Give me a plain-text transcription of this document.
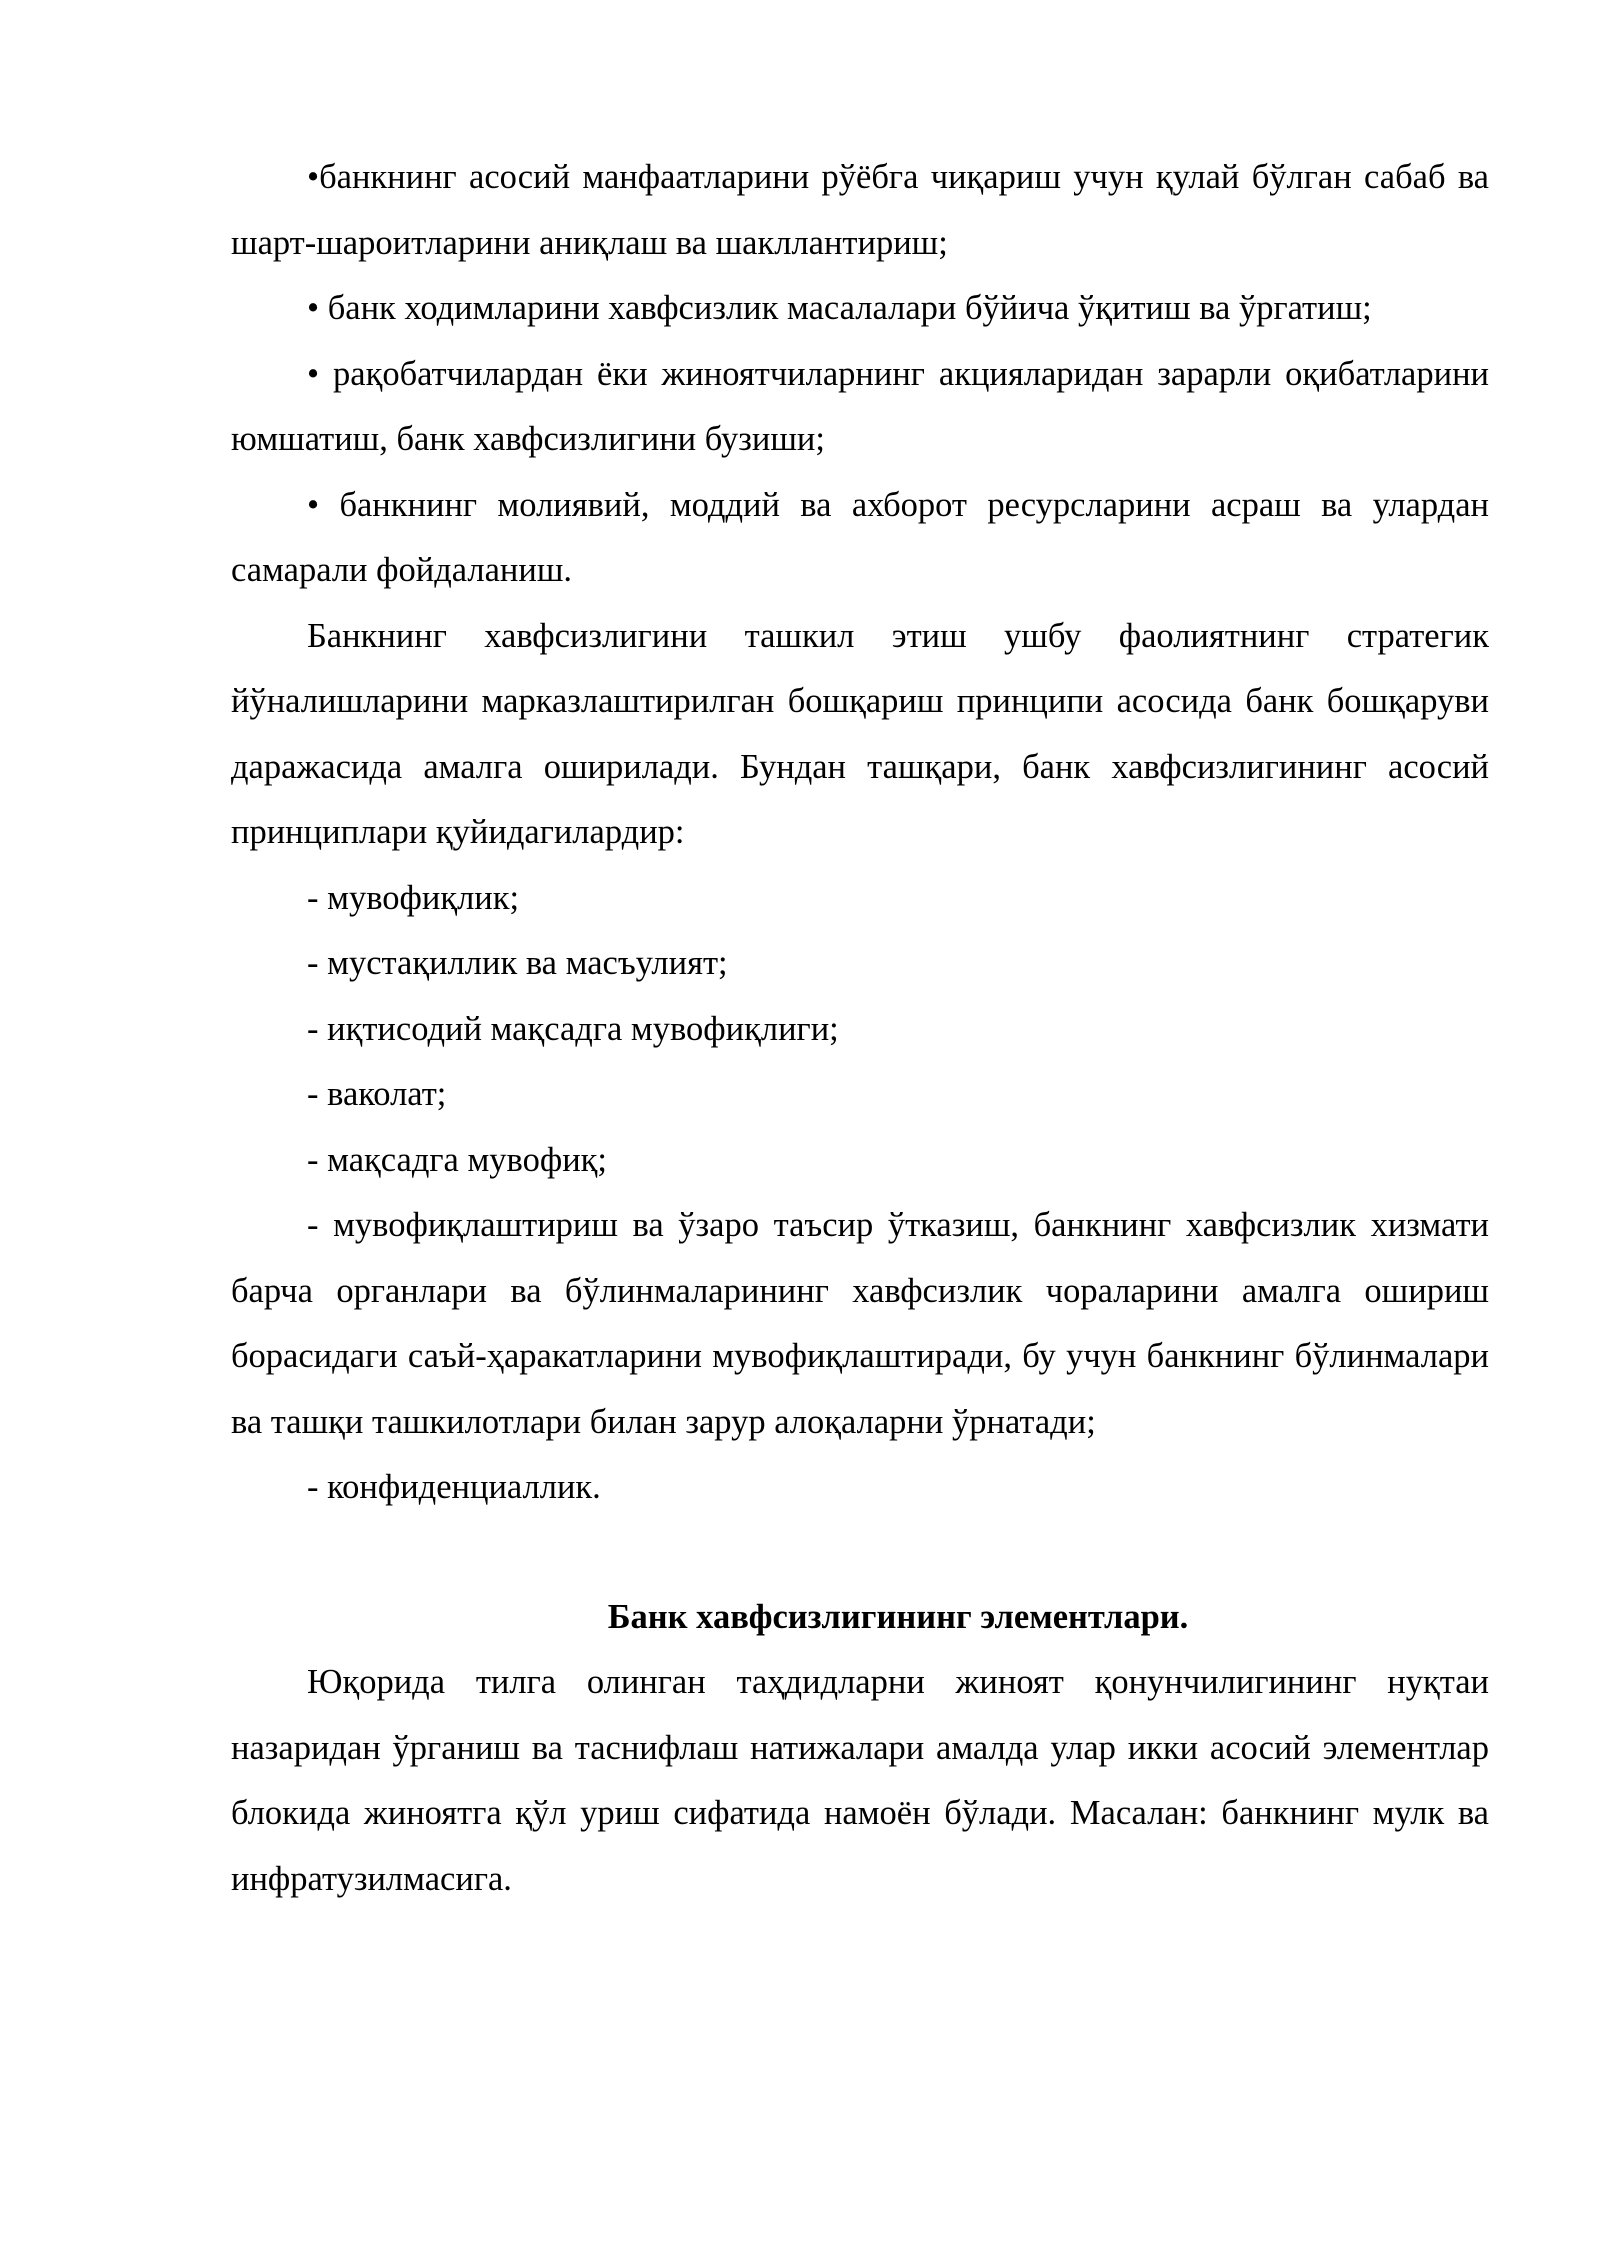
•банкнинг асосий манфаатларини рўёбга чиқариш учун қулай бўлган сабаб ва шарт-шароитларини аниқлаш ва шакллантириш;

• банк ходимларини хавфсизлик масалалари бўйича ўқитиш ва ўргатиш;

• рақобатчилардан ёки жиноятчиларнинг акцияларидан зарарли оқибатларини юмшатиш, банк хавфсизлигини бузиши;

• банкнинг молиявий, моддий ва ахборот ресурсларини асраш ва улардан самарали фойдаланиш.

Банкнинг хавфсизлигини ташкил этиш ушбу фаолиятнинг стратегик йўналишларини марказлаштирилган бошқариш принципи асосида банк бошқаруви даражасида амалга оширилади. Бундан ташқари, банк хавфсизлигининг асосий принциплари қуйидагилардир:

- мувофиқлик;

- мустақиллик ва масъулият;

- иқтисодий мақсадга мувофиқлиги;

- ваколат;

- мақсадга мувофиқ;

- мувофиқлаштириш ва ўзаро таъсир ўтказиш, банкнинг хавфсизлик хизмати барча органлари ва бўлинмаларининг хавфсизлик чораларини амалга ошириш борасидаги саъй-ҳаракатларини мувофиқлаштиради, бу учун банкнинг бўлинмалари ва ташқи ташкилотлари билан зарур алоқаларни ўрнатади;

- конфиденциаллик.

Банк хавфсизлигининг элементлари.

Юқорида тилга олинган таҳдидларни жиноят қонунчилигининг нуқтаи назаридан ўрганиш ва таснифлаш натижалари амалда улар икки асосий элементлар блокида жиноятга қўл уриш сифатида намоён бўлади. Масалан: банкнинг мулк ва инфратузилмасига.
